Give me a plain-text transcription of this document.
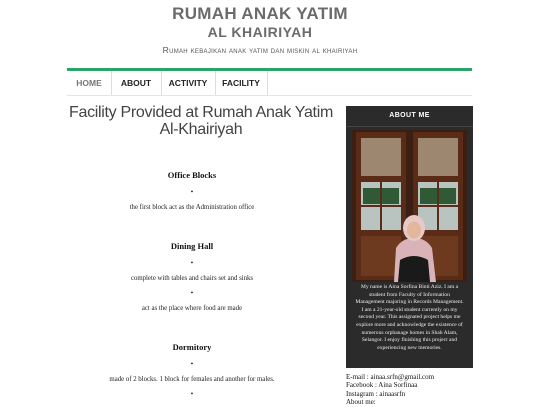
RUMAH ANAK YATIM
AL KHAIRIYAH
Rumah kebajikan anak yatim dan miskin al khairiyah
HOME	ABOUT	ACTIVITY	FACILITY
Facility Provided at Rumah Anak Yatim
Al-Khairiyah
Office Blocks
•
the first block act as the Administration office
Dining Hall
•
complete with tables and chairs set and sinks
•
act as the place where food are made
Dormitory
•
made of 2 blocks. 1 block for females and another for males.
•
ABOUT ME
My name is Aina Sorfina Binti Aziz. I am a
student from Faculty of Information
Management majoring in Records Management.
I am a 21-year-old student currently on my
second year. This assignated project helps me
explore more and acknowledge the existence of
numerous orphanage homes in Shah Alam,
Selangor. I enjoy finishing this project and
experiencing new memories.
E-mail : ainaa.srfn@gmail.com
Facebook : Aina Sorfinaa
Instagram : ainaasrfn
About me:
